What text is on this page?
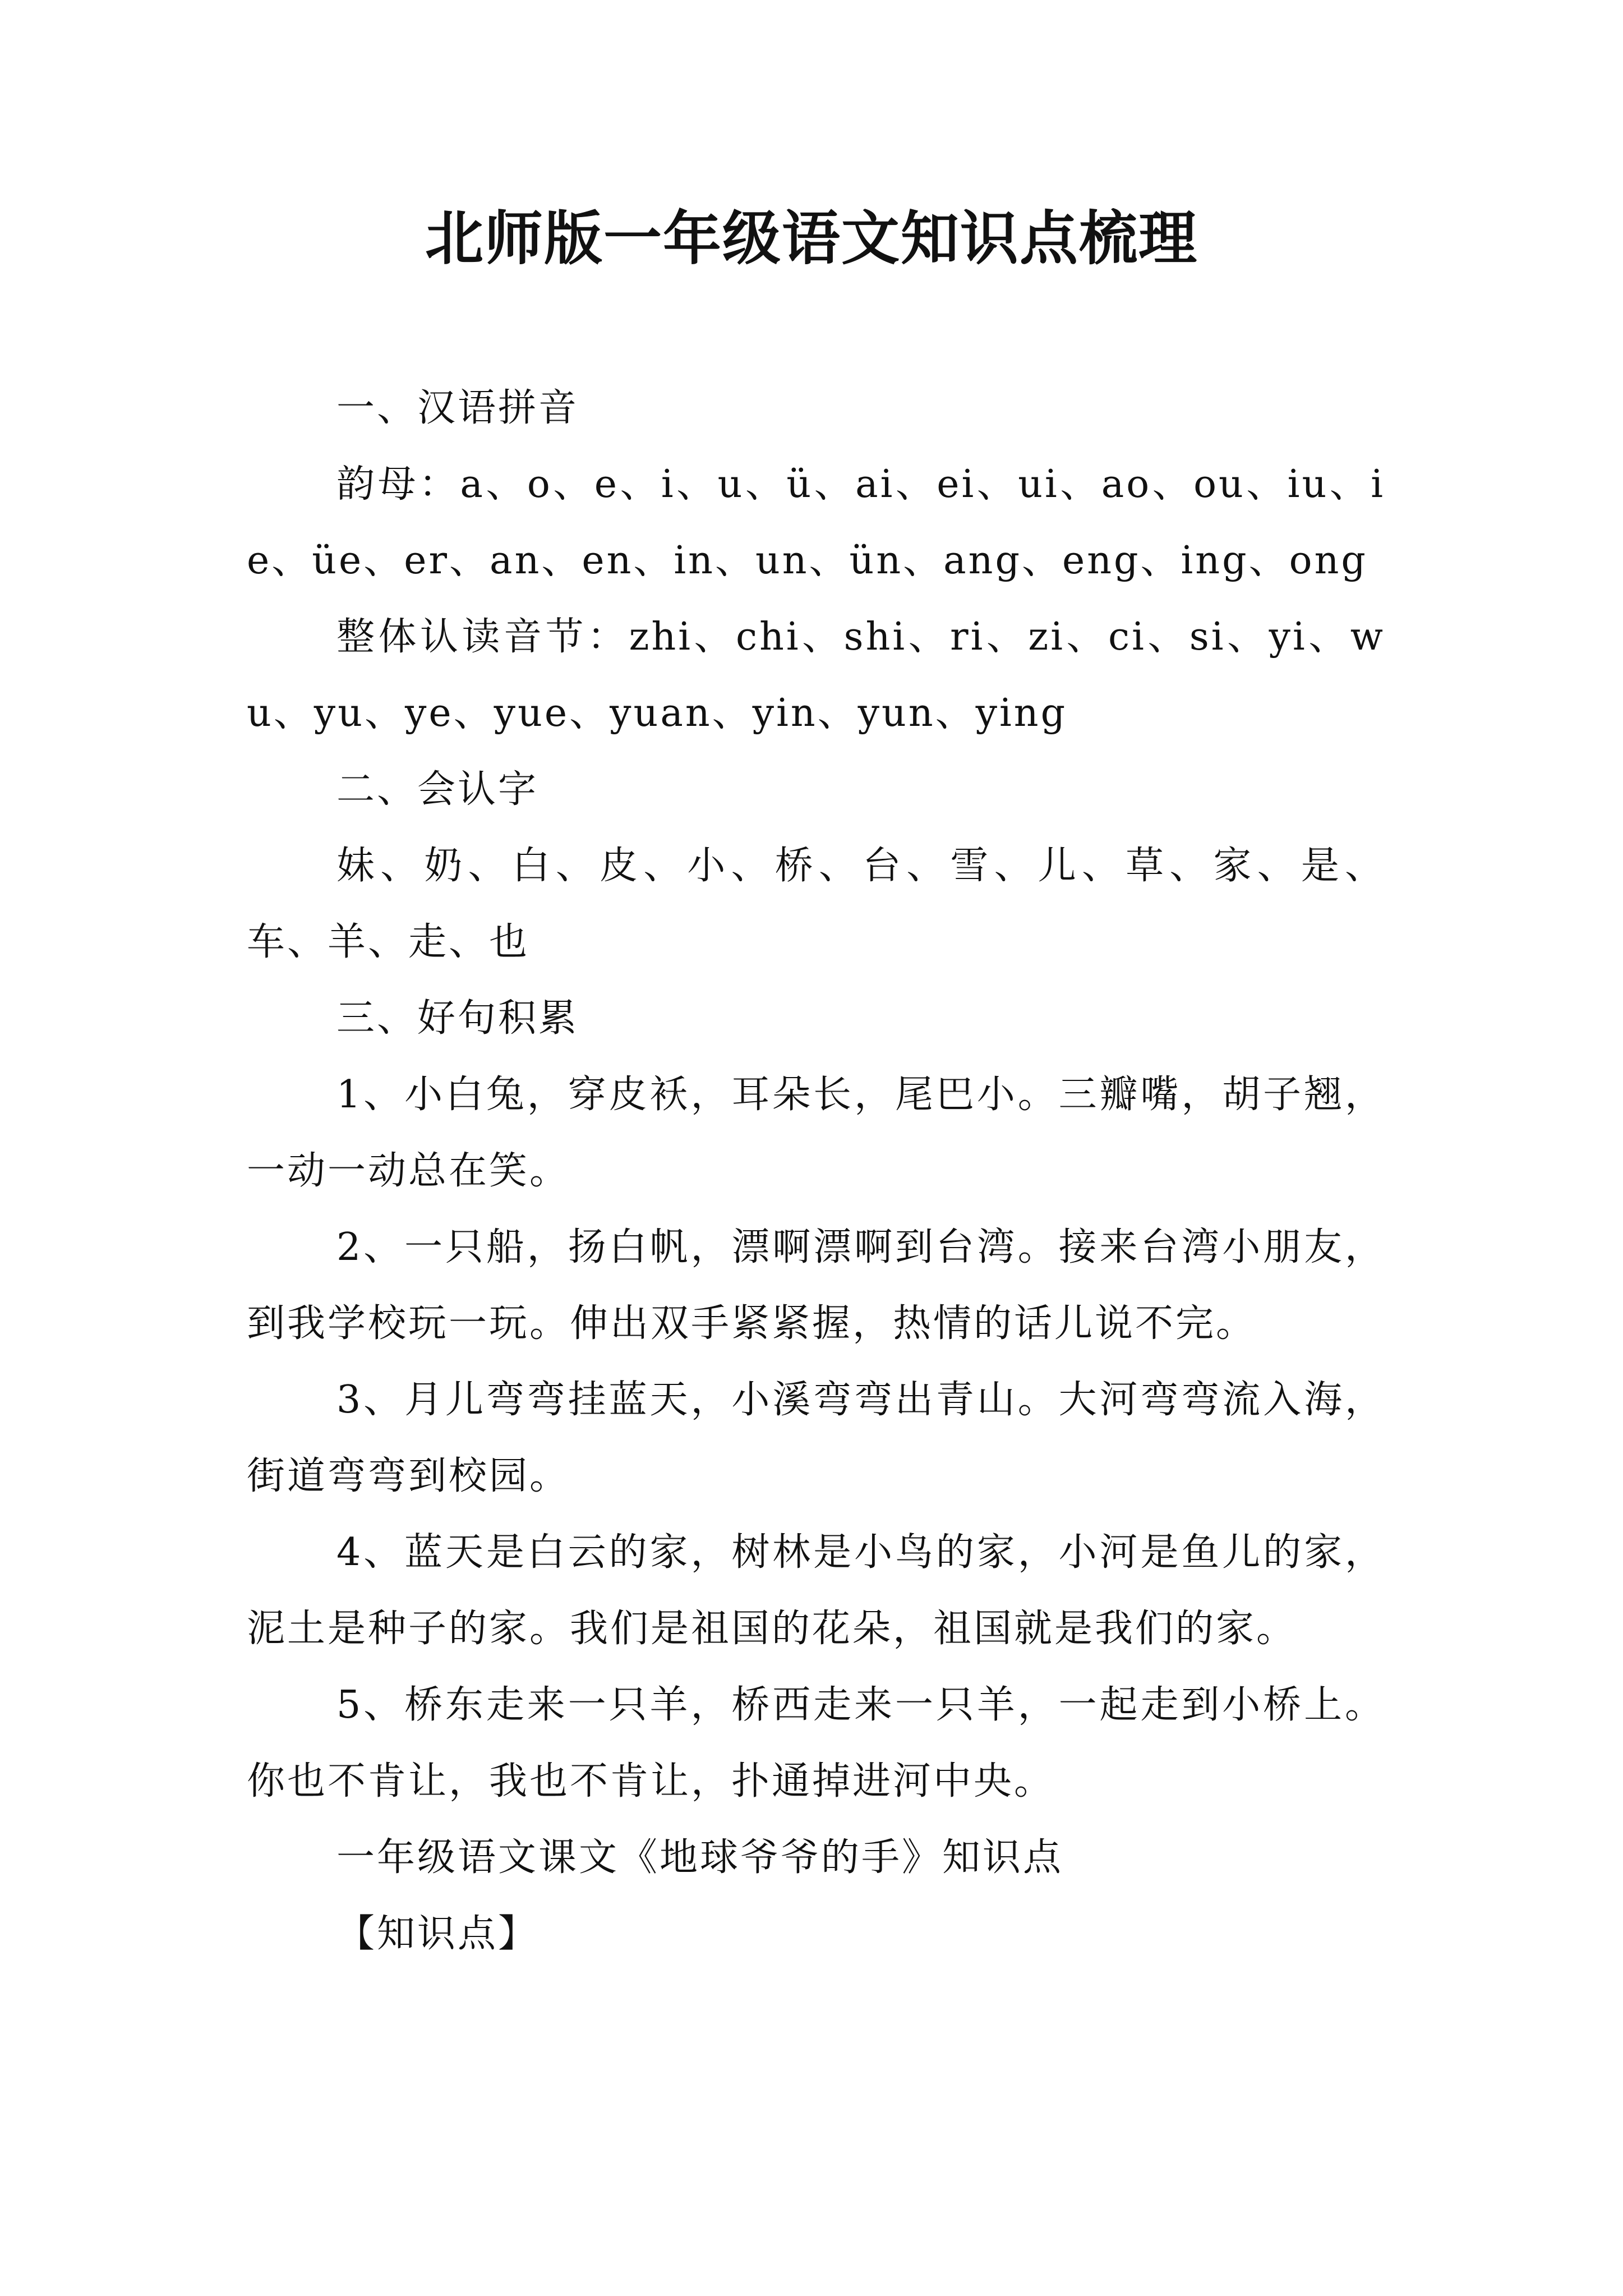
北师版一年级语文知识点梳理

一、汉语拼音

韵母：a、o、e、i、u、ü、ai、ei、ui、ao、ou、iu、ie、üe、er、an、en、in、un、ün、ang、eng、ing、ong

整体认读音节：zhi、chi、shi、ri、zi、ci、si、yi、wu、yu、ye、yue、yuan、yin、yun、ying

二、会认字

妹、奶、白、皮、小、桥、台、雪、儿、草、家、是、车、羊、走、也

三、好句积累

1、小白兔，穿皮袄，耳朵长，尾巴小。三瓣嘴，胡子翘，一动一动总在笑。

2、一只船，扬白帆，漂啊漂啊到台湾。接来台湾小朋友，到我学校玩一玩。伸出双手紧紧握，热情的话儿说不完。

3、月儿弯弯挂蓝天，小溪弯弯出青山。大河弯弯流入海，街道弯弯到校园。

4、蓝天是白云的家，树林是小鸟的家，小河是鱼儿的家，泥土是种子的家。我们是祖国的花朵，祖国就是我们的家。

5、桥东走来一只羊，桥西走来一只羊，一起走到小桥上。你也不肯让，我也不肯让，扑通掉进河中央。

一年级语文课文《地球爷爷的手》知识点

【知识点】
